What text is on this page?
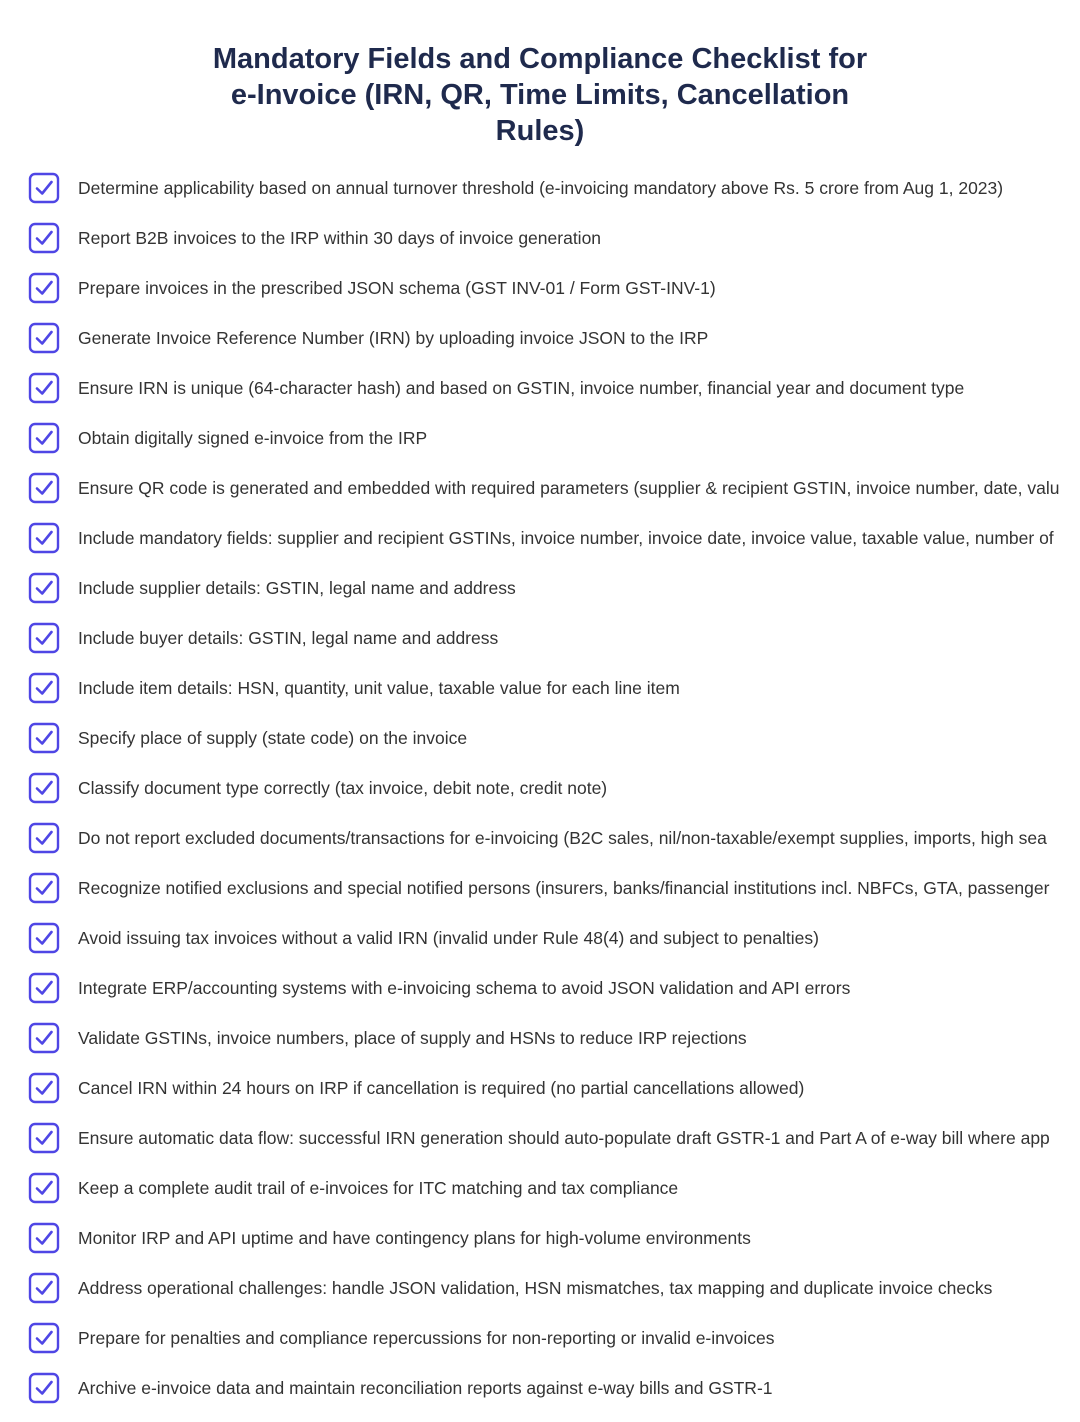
Mandatory Fields and Compliance Checklist for
e-Invoice (IRN, QR, Time Limits, Cancellation
Rules)
Determine applicability based on annual turnover threshold (e-invoicing mandatory above Rs. 5 crore from Aug 1, 2023)
Report B2B invoices to the IRP within 30 days of invoice generation
Prepare invoices in the prescribed JSON schema (GST INV-01 / Form GST-INV-1)
Generate Invoice Reference Number (IRN) by uploading invoice JSON to the IRP
Ensure IRN is unique (64-character hash) and based on GSTIN, invoice number, financial year and document type
Obtain digitally signed e-invoice from the IRP
Ensure QR code is generated and embedded with required parameters (supplier & recipient GSTIN, invoice number, date, valu
Include mandatory fields: supplier and recipient GSTINs, invoice number, invoice date, invoice value, taxable value, number of
Include supplier details: GSTIN, legal name and address
Include buyer details: GSTIN, legal name and address
Include item details: HSN, quantity, unit value, taxable value for each line item
Specify place of supply (state code) on the invoice
Classify document type correctly (tax invoice, debit note, credit note)
Do not report excluded documents/transactions for e-invoicing (B2C sales, nil/non-taxable/exempt supplies, imports, high sea
Recognize notified exclusions and special notified persons (insurers, banks/financial institutions incl. NBFCs, GTA, passenger
Avoid issuing tax invoices without a valid IRN (invalid under Rule 48(4) and subject to penalties)
Integrate ERP/accounting systems with e-invoicing schema to avoid JSON validation and API errors
Validate GSTINs, invoice numbers, place of supply and HSNs to reduce IRP rejections
Cancel IRN within 24 hours on IRP if cancellation is required (no partial cancellations allowed)
Ensure automatic data flow: successful IRN generation should auto-populate draft GSTR-1 and Part A of e-way bill where app
Keep a complete audit trail of e-invoices for ITC matching and tax compliance
Monitor IRP and API uptime and have contingency plans for high-volume environments
Address operational challenges: handle JSON validation, HSN mismatches, tax mapping and duplicate invoice checks
Prepare for penalties and compliance repercussions for non-reporting or invalid e-invoices
Archive e-invoice data and maintain reconciliation reports against e-way bills and GSTR-1
